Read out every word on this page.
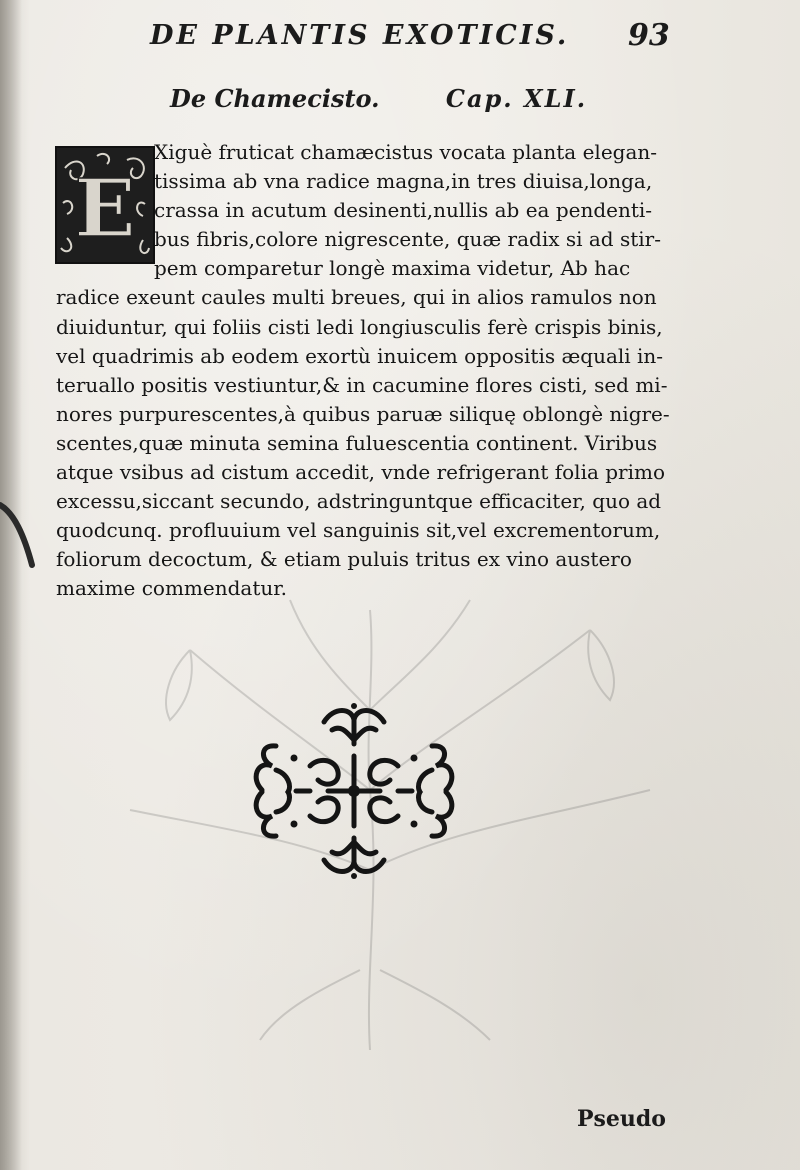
DE PLANTIS EXOTICIS. 93
De Chamecisto.	Cap. XLI.
E
Xiguè fruticat chamæcistus vocata planta elegan-
tissima ab vna radice magna,in tres diuisa,longa,
crassa in acutum desinenti,nullis ab ea pendenti-
bus fibris,colore nigrescente, quæ radix si ad stir-
pem comparetur longè maxima videtur, Ab hac
radice exeunt caules multi breues, qui in alios ramulos non
diuiduntur, qui foliis cisti ledi longiusculis ferè crispis binis,
vel quadrimis ab eodem exortù inuicem oppositis æquali in-
teruallo positis vestiuntur,& in cacumine flores cisti, sed mi-
nores purpurescentes,à quibus paruæ siliquę oblongè nigre-
scentes,quæ minuta semina fuluescentia continent. Viribus
atque vsibus ad cistum accedit, vnde refrigerant folia primo
excessu,siccant secundo, adstringuntque efficaciter, quo ad
quodcunq. profluuium vel sanguinis sit,vel excrementorum,
foliorum decoctum, & etiam puluis tritus ex vino austero
maxime commendatur.
Pseudo
